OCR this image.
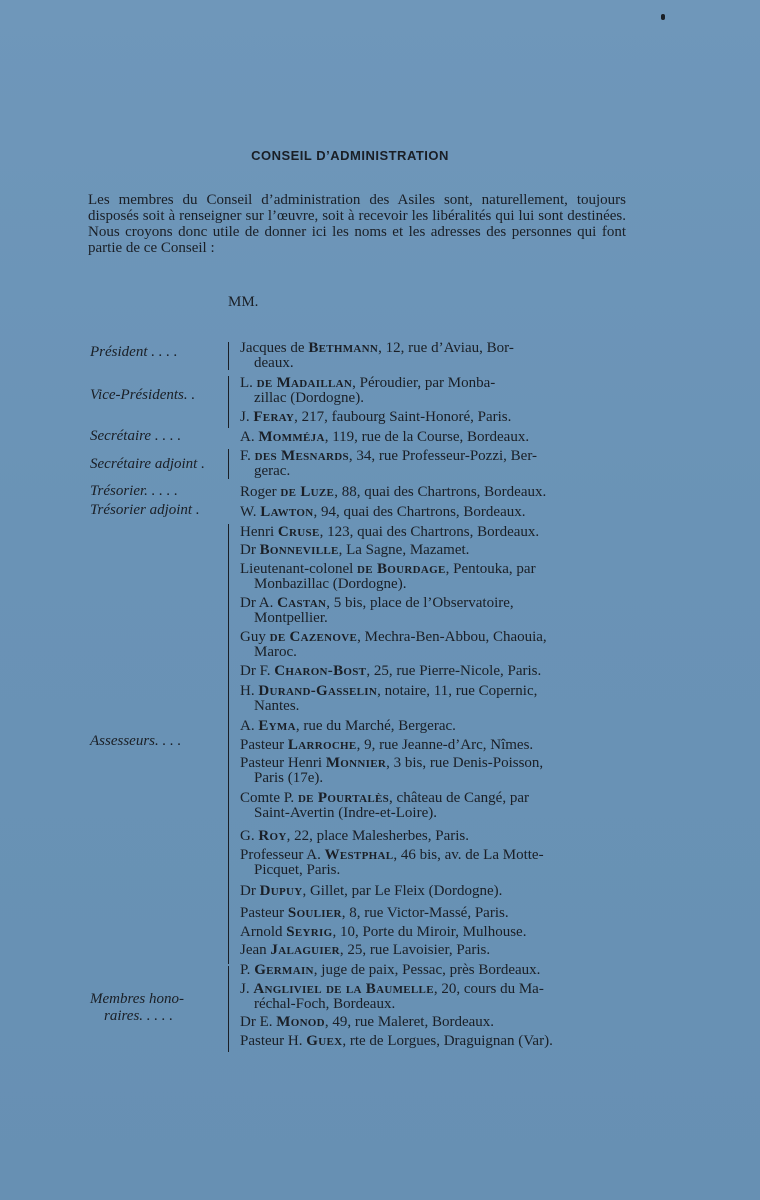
CONSEIL D’ADMINISTRATION
Les membres du Conseil d’administration des Asiles sont, naturellement, toujours disposés soit à renseigner sur l’œuvre, soit à recevoir les libéralités qui lui sont destinées. Nous croyons donc utile de donner ici les noms et les adresses des personnes qui font partie de ce Conseil :
MM.
Président . . . .
Vice-Présidents. .
Secrétaire . . . .
Secrétaire adjoint .
Trésorier. . . . .
Trésorier adjoint .
Assesseurs. . . .
Membres hono-
raires. . . . .
Jacques de Bethmann, 12, rue d’Aviau, Bor-
deaux.
L. de Madaillan, Péroudier, par Monba-
zillac (Dordogne).
J. Feray, 217, faubourg Saint-Honoré, Paris.
A. Momméja, 119, rue de la Course, Bordeaux.
F. des Mesnards, 34, rue Professeur-Pozzi, Ber-
gerac.
Roger de Luze, 88, quai des Chartrons, Bordeaux.
W. Lawton, 94, quai des Chartrons, Bordeaux.
Henri Cruse, 123, quai des Chartrons, Bordeaux.
Dr Bonneville, La Sagne, Mazamet.
Lieutenant-colonel de Bourdage, Pentouka, par
Monbazillac (Dordogne).
Dr A. Castan, 5 bis, place de l’Observatoire,
Montpellier.
Guy de Cazenove, Mechra-Ben-Abbou, Chaouia,
Maroc.
Dr F. Charon-Bost, 25, rue Pierre-Nicole, Paris.
H. Durand-Gasselin, notaire, 11, rue Copernic,
Nantes.
A. Eyma, rue du Marché, Bergerac.
Pasteur Larroche, 9, rue Jeanne-d’Arc, Nîmes.
Pasteur Henri Monnier, 3 bis, rue Denis-Poisson,
Paris (17e).
Comte P. de Pourtalès, château de Cangé, par
Saint-Avertin (Indre-et-Loire).
G. Roy, 22, place Malesherbes, Paris.
Professeur A. Westphal, 46 bis, av. de La Motte-
Picquet, Paris.
Dr Dupuy, Gillet, par Le Fleix (Dordogne).
Pasteur Soulier, 8, rue Victor-Massé, Paris.
Arnold Seyrig, 10, Porte du Miroir, Mulhouse.
Jean Jalaguier, 25, rue Lavoisier, Paris.
P. Germain, juge de paix, Pessac, près Bordeaux.
J. Angliviel de la Baumelle, 20, cours du Ma-
réchal-Foch, Bordeaux.
Dr E. Monod, 49, rue Maleret, Bordeaux.
Pasteur H. Guex, rte de Lorgues, Draguignan (Var).
